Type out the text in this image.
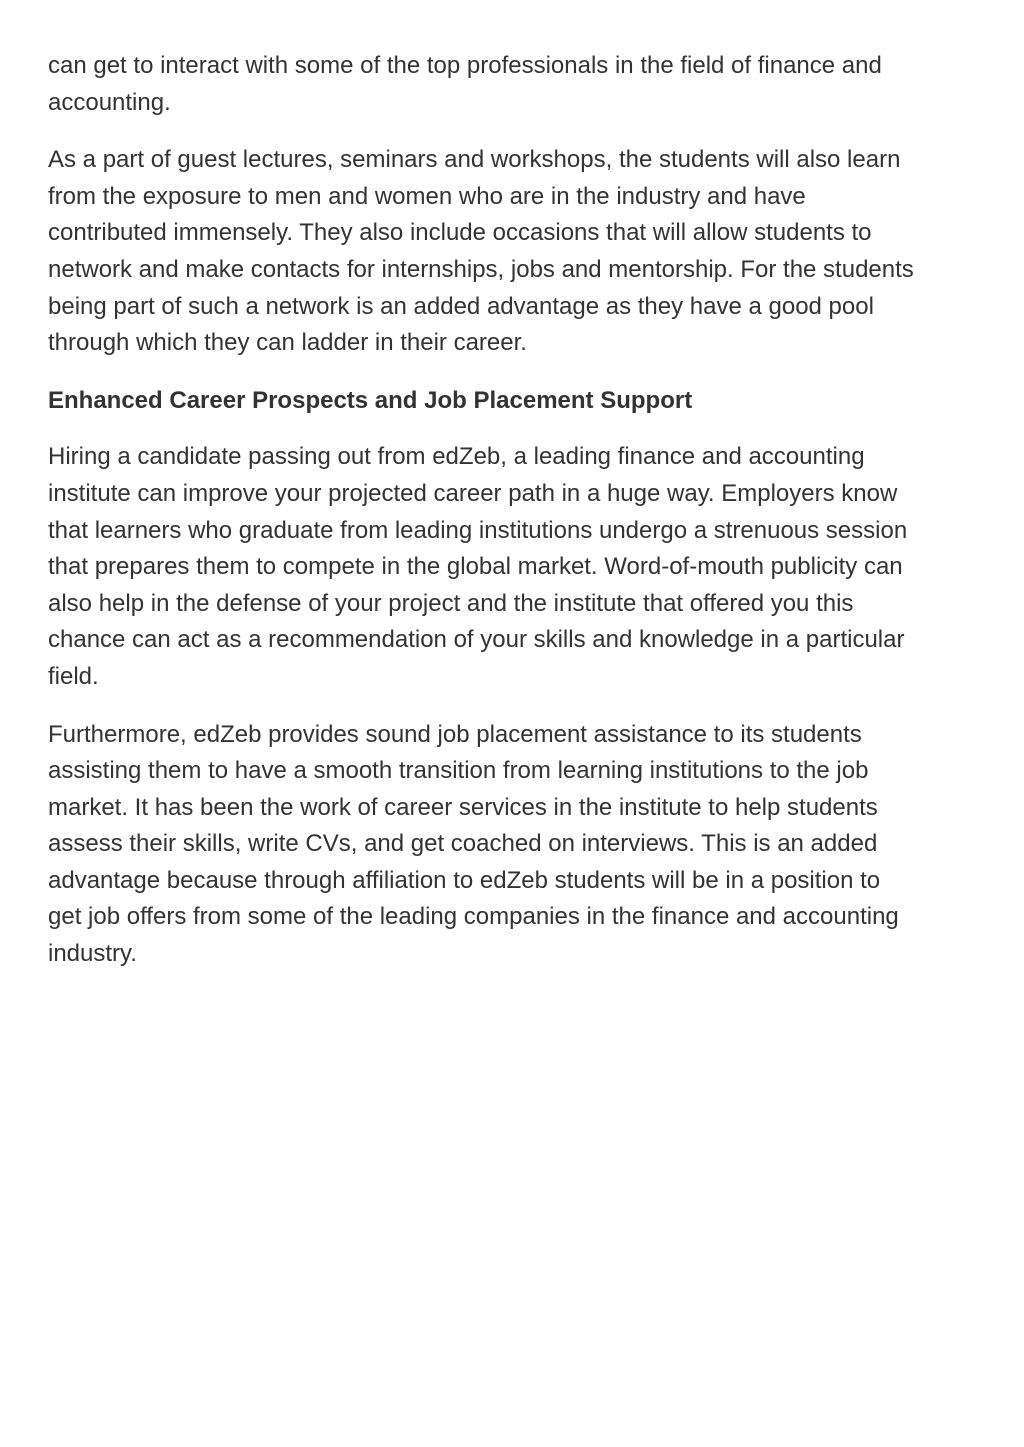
can get to interact with some of the top professionals in the field of finance and
accounting.

As a part of guest lectures, seminars and workshops, the students will also learn
from the exposure to men and women who are in the industry and have
contributed immensely. They also include occasions that will allow students to
network and make contacts for internships, jobs and mentorship. For the students
being part of such a network is an added advantage as they have a good pool
through which they can ladder in their career.

Enhanced Career Prospects and Job Placement Support

Hiring a candidate passing out from edZeb, a leading finance and accounting
institute can improve your projected career path in a huge way. Employers know
that learners who graduate from leading institutions undergo a strenuous session
that prepares them to compete in the global market. Word-of-mouth publicity can
also help in the defense of your project and the institute that offered you this
chance can act as a recommendation of your skills and knowledge in a particular
field.

Furthermore, edZeb provides sound job placement assistance to its students
assisting them to have a smooth transition from learning institutions to the job
market. It has been the work of career services in the institute to help students
assess their skills, write CVs, and get coached on interviews. This is an added
advantage because through affiliation to edZeb students will be in a position to
get job offers from some of the leading companies in the finance and accounting
industry.
